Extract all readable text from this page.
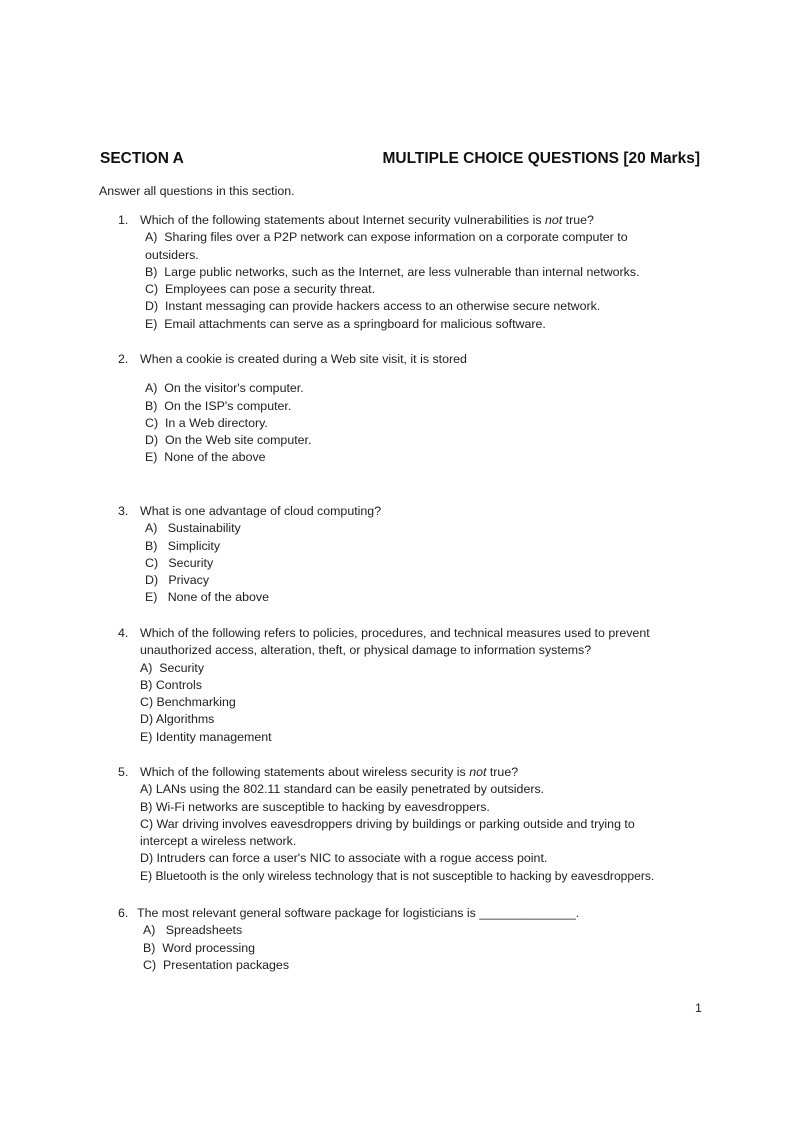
SECTION A	MULTIPLE CHOICE QUESTIONS [20 Marks]
Answer all questions in this section.
1. Which of the following statements about Internet security vulnerabilities is not true?
A) Sharing files over a P2P network can expose information on a corporate computer to outsiders.
B) Large public networks, such as the Internet, are less vulnerable than internal networks.
C) Employees can pose a security threat.
D) Instant messaging can provide hackers access to an otherwise secure network.
E) Email attachments can serve as a springboard for malicious software.
2. When a cookie is created during a Web site visit, it is stored
A) On the visitor's computer.
B) On the ISP's computer.
C) In a Web directory.
D) On the Web site computer.
E) None of the above
3. What is one advantage of cloud computing?
A) Sustainability
B) Simplicity
C) Security
D) Privacy
E) None of the above
4. Which of the following refers to policies, procedures, and technical measures used to prevent unauthorized access, alteration, theft, or physical damage to information systems?
A) Security
B) Controls
C) Benchmarking
D) Algorithms
E) Identity management
5. Which of the following statements about wireless security is not true?
A) LANs using the 802.11 standard can be easily penetrated by outsiders.
B) Wi-Fi networks are susceptible to hacking by eavesdroppers.
C) War driving involves eavesdroppers driving by buildings or parking outside and trying to intercept a wireless network.
D) Intruders can force a user's NIC to associate with a rogue access point.
E) Bluetooth is the only wireless technology that is not susceptible to hacking by eavesdroppers.
6. The most relevant general software package for logisticians is ______________.
A) Spreadsheets
B) Word processing
C) Presentation packages
1
